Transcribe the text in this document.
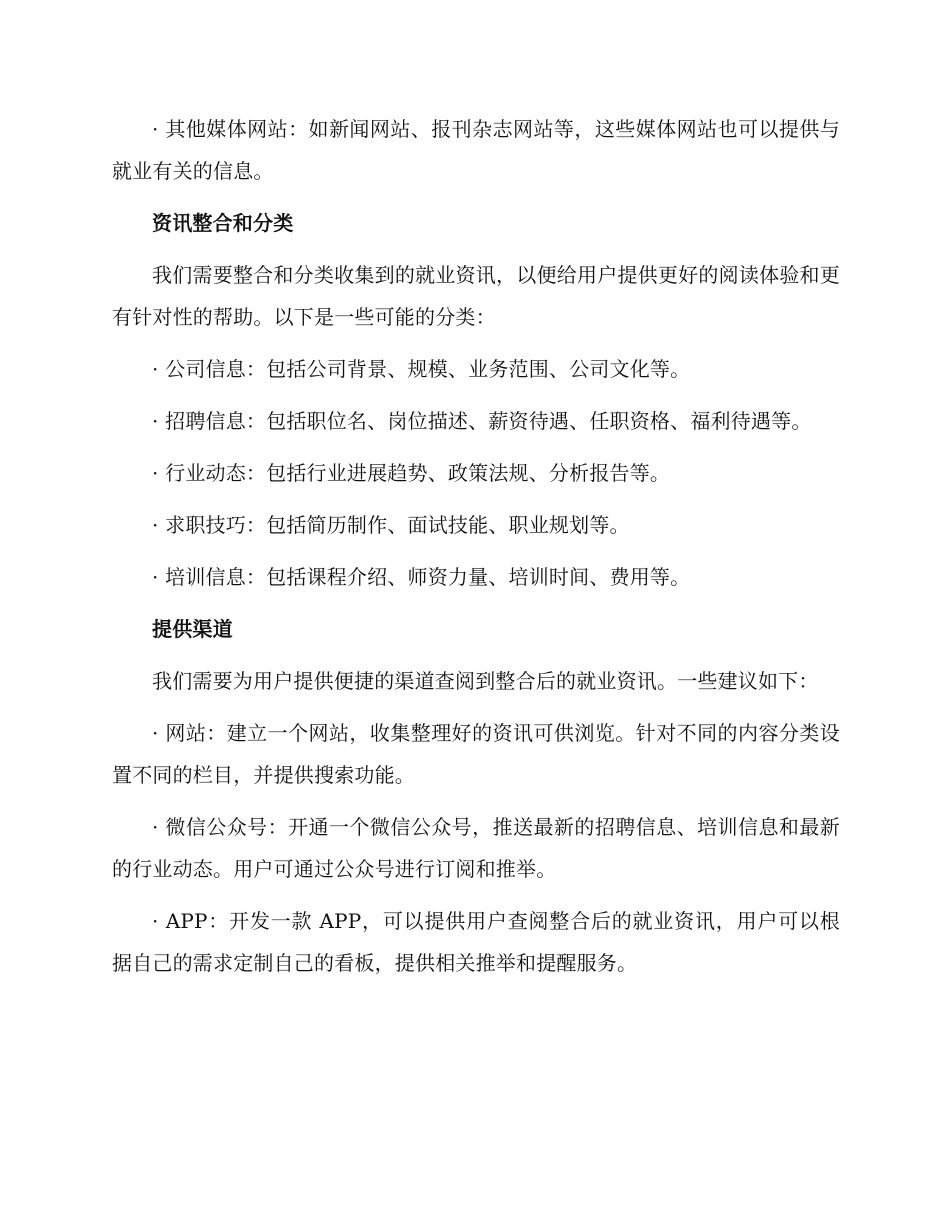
· 其他媒体网站：如新闻网站、报刊杂志网站等，这些媒体网站也可以提供与就业有关的信息。

资讯整合和分类

我们需要整合和分类收集到的就业资讯，以便给用户提供更好的阅读体验和更有针对性的帮助。以下是一些可能的分类：

· 公司信息：包括公司背景、规模、业务范围、公司文化等。

· 招聘信息：包括职位名、岗位描述、薪资待遇、任职资格、福利待遇等。

· 行业动态：包括行业进展趋势、政策法规、分析报告等。

· 求职技巧：包括简历制作、面试技能、职业规划等。

· 培训信息：包括课程介绍、师资力量、培训时间、费用等。

提供渠道

我们需要为用户提供便捷的渠道查阅到整合后的就业资讯。一些建议如下：

· 网站：建立一个网站，收集整理好的资讯可供浏览。针对不同的内容分类设置不同的栏目，并提供搜索功能。

· 微信公众号：开通一个微信公众号，推送最新的招聘信息、培训信息和最新的行业动态。用户可通过公众号进行订阅和推举。

· APP：开发一款 APP，可以提供用户查阅整合后的就业资讯，用户可以根据自己的需求定制自己的看板，提供相关推举和提醒服务。
